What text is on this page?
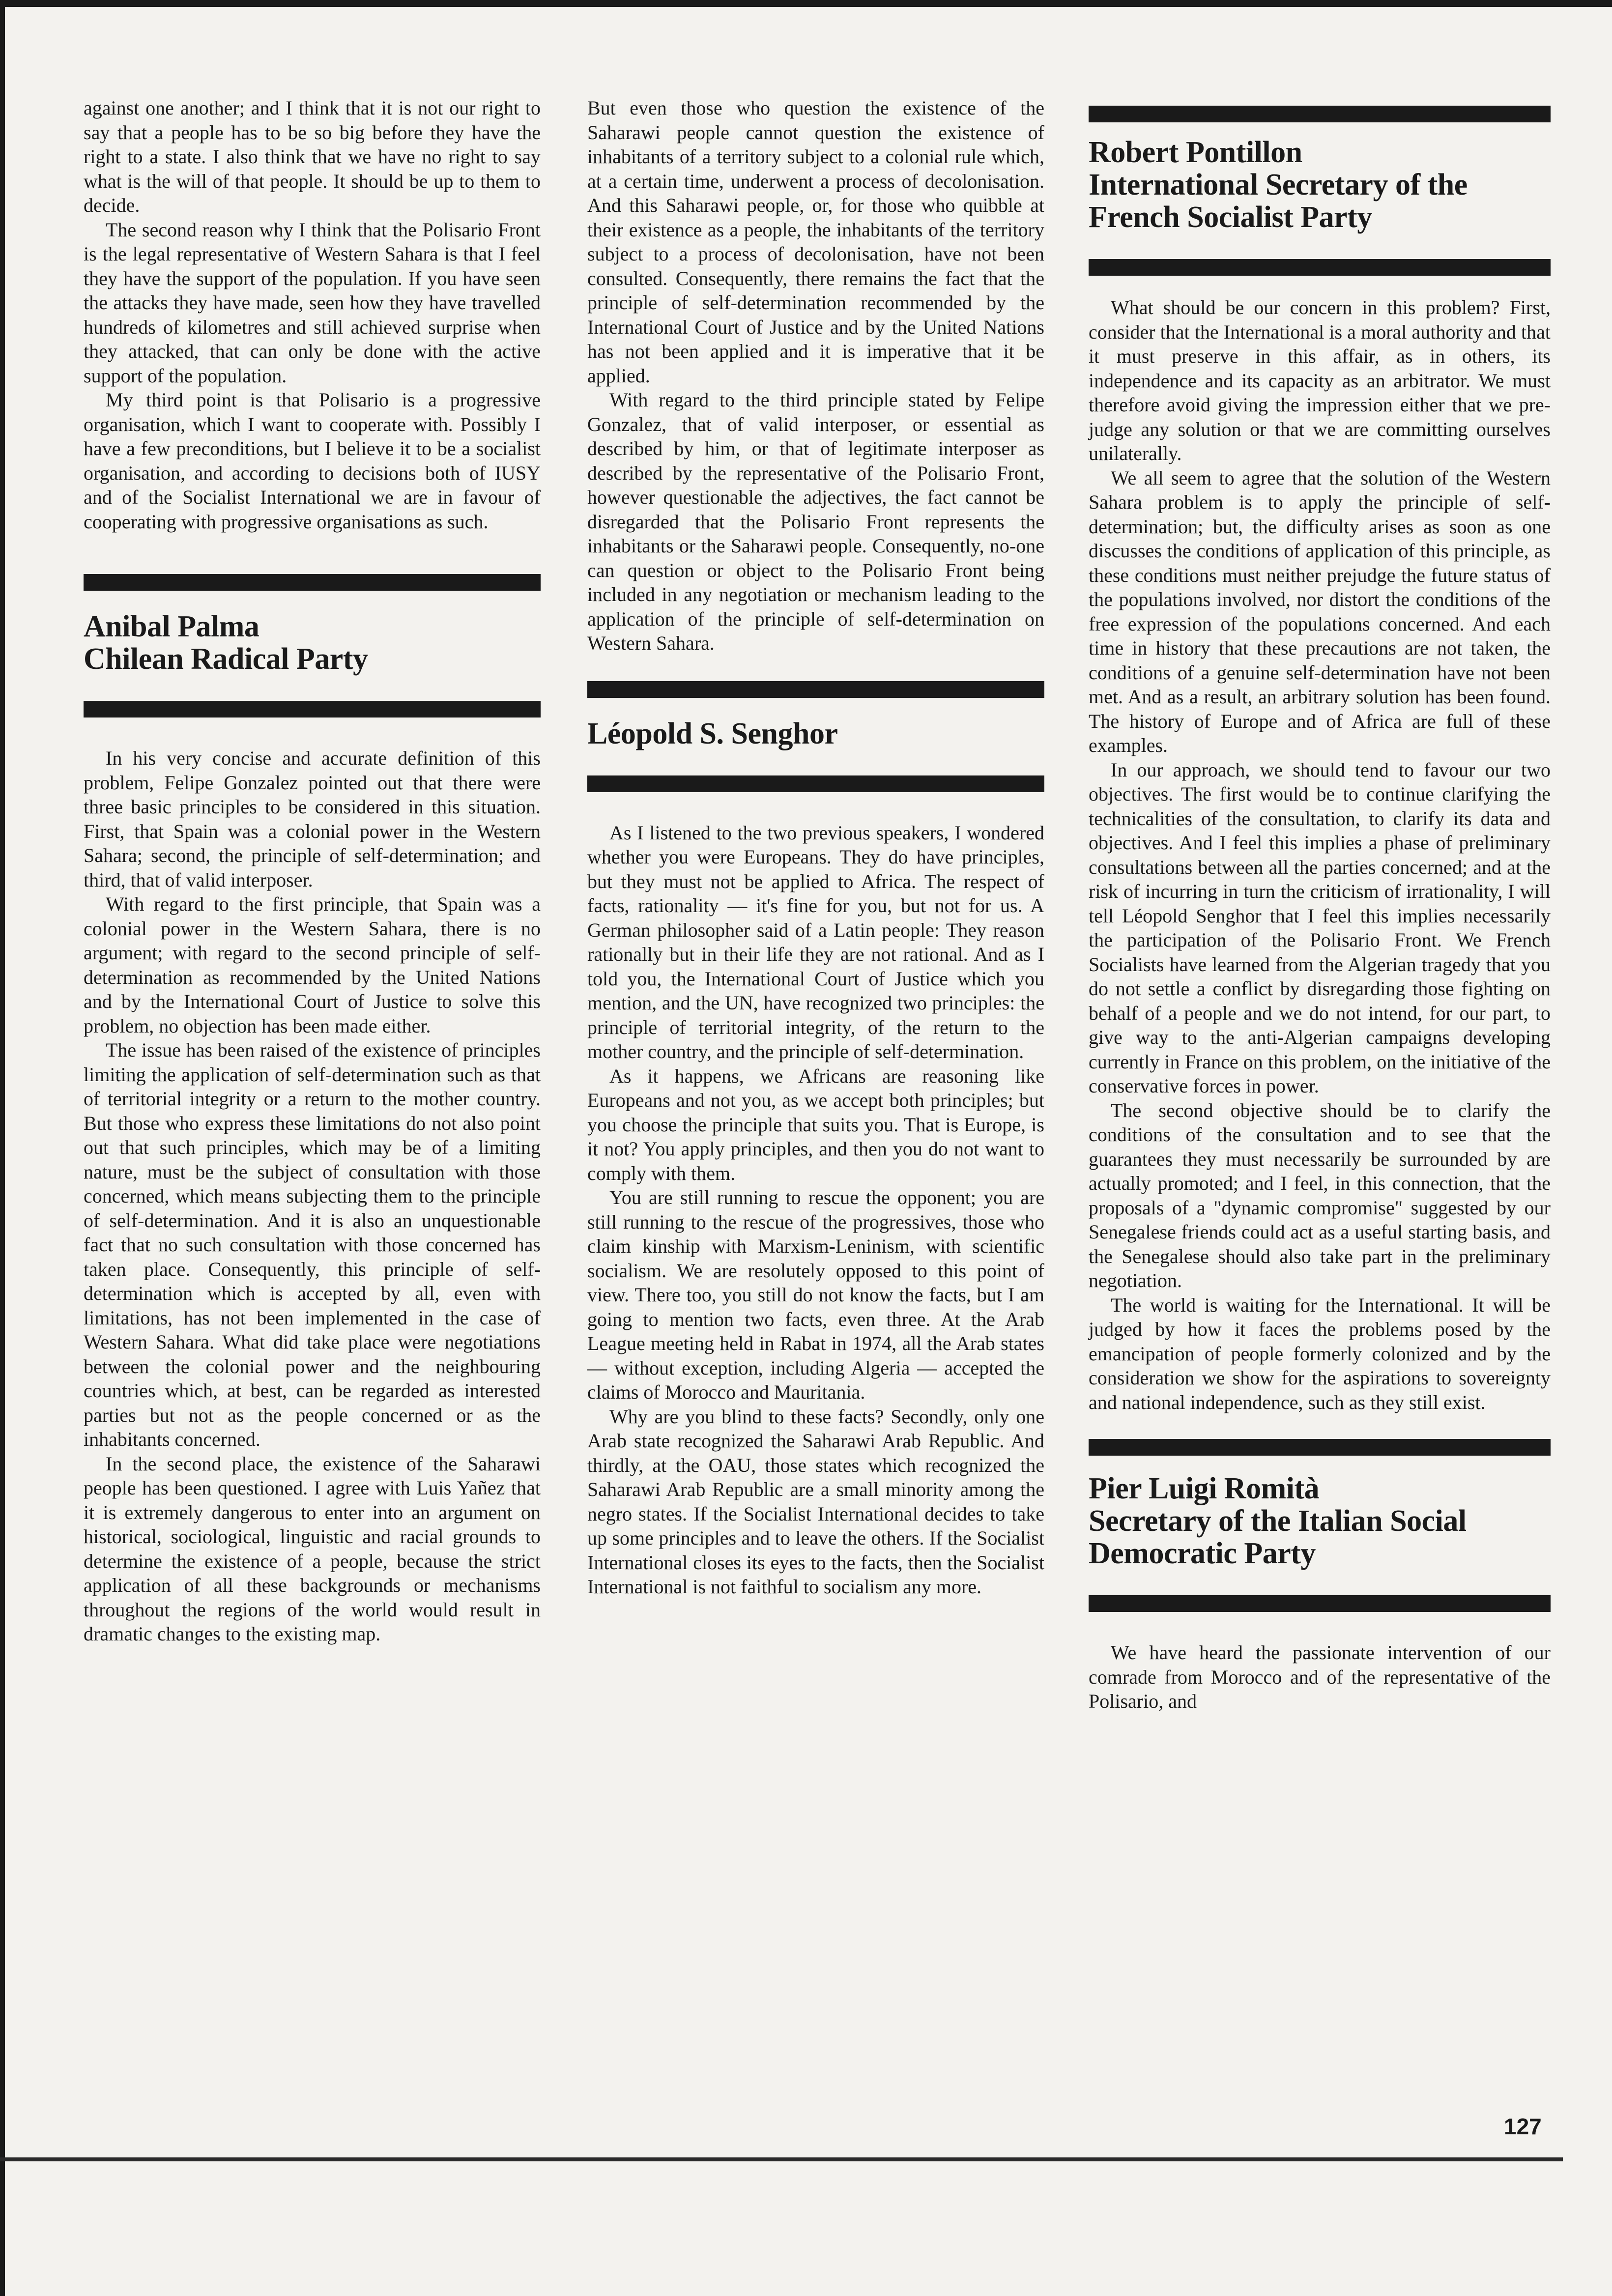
against one another; and I think that it is not our right to say that a people has to be so big before they have the right to a state. I also think that we have no right to say what is the will of that people. It should be up to them to decide.

The second reason why I think that the Polisario Front is the legal representative of Western Sahara is that I feel they have the support of the population. If you have seen the attacks they have made, seen how they have travelled hundreds of kilometres and still achieved surprise when they attacked, that can only be done with the active support of the population.

My third point is that Polisario is a progressive organisation, which I want to cooperate with. Possibly I have a few preconditions, but I believe it to be a socialist organisation, and according to decisions both of IUSY and of the Socialist International we are in favour of cooperating with progressive organisations as such.

Anibal Palma
Chilean Radical Party

In his very concise and accurate definition of this problem, Felipe Gonzalez pointed out that there were three basic principles to be considered in this situation. First, that Spain was a colonial power in the Western Sahara; second, the principle of self-determination; and third, that of valid interposer.

With regard to the first principle, that Spain was a colonial power in the Western Sahara, there is no argument; with regard to the second principle of self-determination as recommended by the United Nations and by the International Court of Justice to solve this problem, no objection has been made either.

The issue has been raised of the existence of principles limiting the application of self-determination such as that of territorial integrity or a return to the mother country. But those who express these limitations do not also point out that such principles, which may be of a limiting nature, must be the subject of consultation with those concerned, which means subjecting them to the principle of self-determination. And it is also an unquestionable fact that no such consultation with those concerned has taken place. Consequently, this principle of self-determination which is accepted by all, even with limitations, has not been implemented in the case of Western Sahara. What did take place were negotiations between the colonial power and the neighbouring countries which, at best, can be regarded as interested parties but not as the people concerned or as the inhabitants concerned.

In the second place, the existence of the Saharawi people has been questioned. I agree with Luis Yañez that it is extremely dangerous to enter into an argument on historical, sociological, linguistic and racial grounds to determine the existence of a people, because the strict application of all these backgrounds or mechanisms throughout the regions of the world would result in dramatic changes to the existing map.

But even those who question the existence of the Saharawi people cannot question the existence of inhabitants of a territory subject to a colonial rule which, at a certain time, underwent a process of decolonisation. And this Saharawi people, or, for those who quibble at their existence as a people, the inhabitants of the territory subject to a process of decolonisation, have not been consulted. Consequently, there remains the fact that the principle of self-determination recommended by the International Court of Justice and by the United Nations has not been applied and it is imperative that it be applied.

With regard to the third principle stated by Felipe Gonzalez, that of valid interposer, or essential as described by him, or that of legitimate interposer as described by the representative of the Polisario Front, however questionable the adjectives, the fact cannot be disregarded that the Polisario Front represents the inhabitants or the Saharawi people. Consequently, no-one can question or object to the Polisario Front being included in any negotiation or mechanism leading to the application of the principle of self-determination on Western Sahara.

Léopold S. Senghor

As I listened to the two previous speakers, I wondered whether you were Europeans. They do have principles, but they must not be applied to Africa. The respect of facts, rationality — it's fine for you, but not for us. A German philosopher said of a Latin people: They reason rationally but in their life they are not rational. And as I told you, the International Court of Justice which you mention, and the UN, have recognized two principles: the principle of territorial integrity, of the return to the mother country, and the principle of self-determination.

As it happens, we Africans are reasoning like Europeans and not you, as we accept both principles; but you choose the principle that suits you. That is Europe, is it not? You apply principles, and then you do not want to comply with them.

You are still running to rescue the opponent; you are still running to the rescue of the progressives, those who claim kinship with Marxism-Leninism, with scientific socialism. We are resolutely opposed to this point of view. There too, you still do not know the facts, but I am going to mention two facts, even three. At the Arab League meeting held in Rabat in 1974, all the Arab states — without exception, including Algeria — accepted the claims of Morocco and Mauritania.

Why are you blind to these facts? Secondly, only one Arab state recognized the Saharawi Arab Republic. And thirdly, at the OAU, those states which recognized the Saharawi Arab Republic are a small minority among the negro states. If the Socialist International decides to take up some principles and to leave the others. If the Socialist International closes its eyes to the facts, then the Socialist International is not faithful to socialism any more.

Robert Pontillon
International Secretary of the
French Socialist Party

What should be our concern in this problem? First, consider that the International is a moral authority and that it must preserve in this affair, as in others, its independence and its capacity as an arbitrator. We must therefore avoid giving the impression either that we pre-judge any solution or that we are committing ourselves unilaterally.

We all seem to agree that the solution of the Western Sahara problem is to apply the principle of self-determination; but, the difficulty arises as soon as one discusses the conditions of application of this principle, as these conditions must neither prejudge the future status of the populations involved, nor distort the conditions of the free expression of the populations concerned. And each time in history that these precautions are not taken, the conditions of a genuine self-determination have not been met. And as a result, an arbitrary solution has been found. The history of Europe and of Africa are full of these examples.

In our approach, we should tend to favour our two objectives. The first would be to continue clarifying the technicalities of the consultation, to clarify its data and objectives. And I feel this implies a phase of preliminary consultations between all the parties concerned; and at the risk of incurring in turn the criticism of irrationality, I will tell Léopold Senghor that I feel this implies necessarily the participation of the Polisario Front. We French Socialists have learned from the Algerian tragedy that you do not settle a conflict by disregarding those fighting on behalf of a people and we do not intend, for our part, to give way to the anti-Algerian campaigns developing currently in France on this problem, on the initiative of the conservative forces in power.

The second objective should be to clarify the conditions of the consultation and to see that the guarantees they must necessarily be surrounded by are actually promoted; and I feel, in this connection, that the proposals of a "dynamic compromise" suggested by our Senegalese friends could act as a useful starting basis, and the Senegalese should also take part in the preliminary negotiation.

The world is waiting for the International. It will be judged by how it faces the problems posed by the emancipation of people formerly colonized and by the consideration we show for the aspirations to sovereignty and national independence, such as they still exist.

Pier Luigi Romità
Secretary of the Italian Social
Democratic Party

We have heard the passionate intervention of our comrade from Morocco and of the representative of the Polisario, and

127
